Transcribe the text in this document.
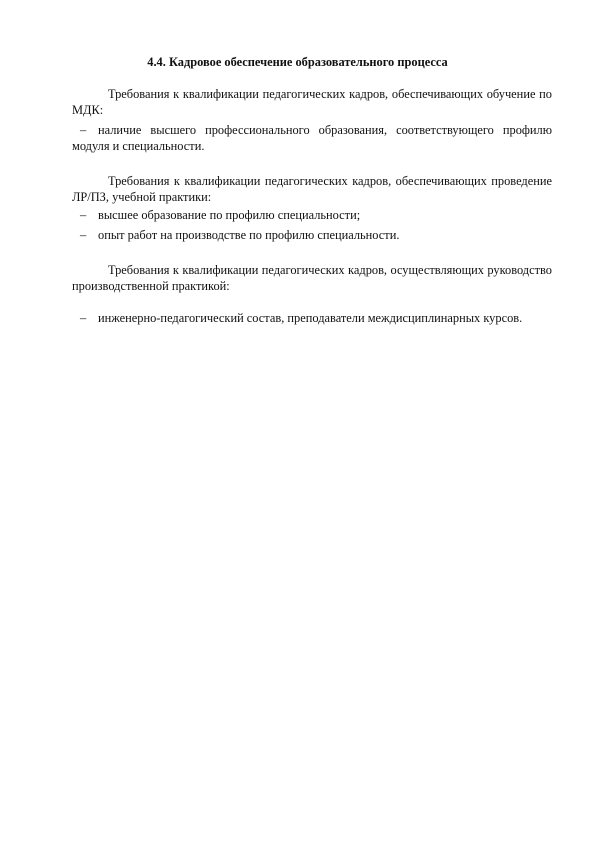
4.4. Кадровое обеспечение образовательного процесса

Требования к квалификации педагогических кадров, обеспечивающих обучение по МДК:

– наличие высшего профессионального образования, соответствующего профилю модуля и специальности.

Требования к квалификации педагогических кадров, обеспечивающих проведение ЛР/ПЗ, учебной практики:

– высшее образование по профилю специальности;

– опыт работ на производстве по профилю специальности.

Требования к квалификации педагогических кадров, осуществляющих руководство производственной практикой:

– инженерно-педагогический состав, преподаватели междисциплинарных курсов.
